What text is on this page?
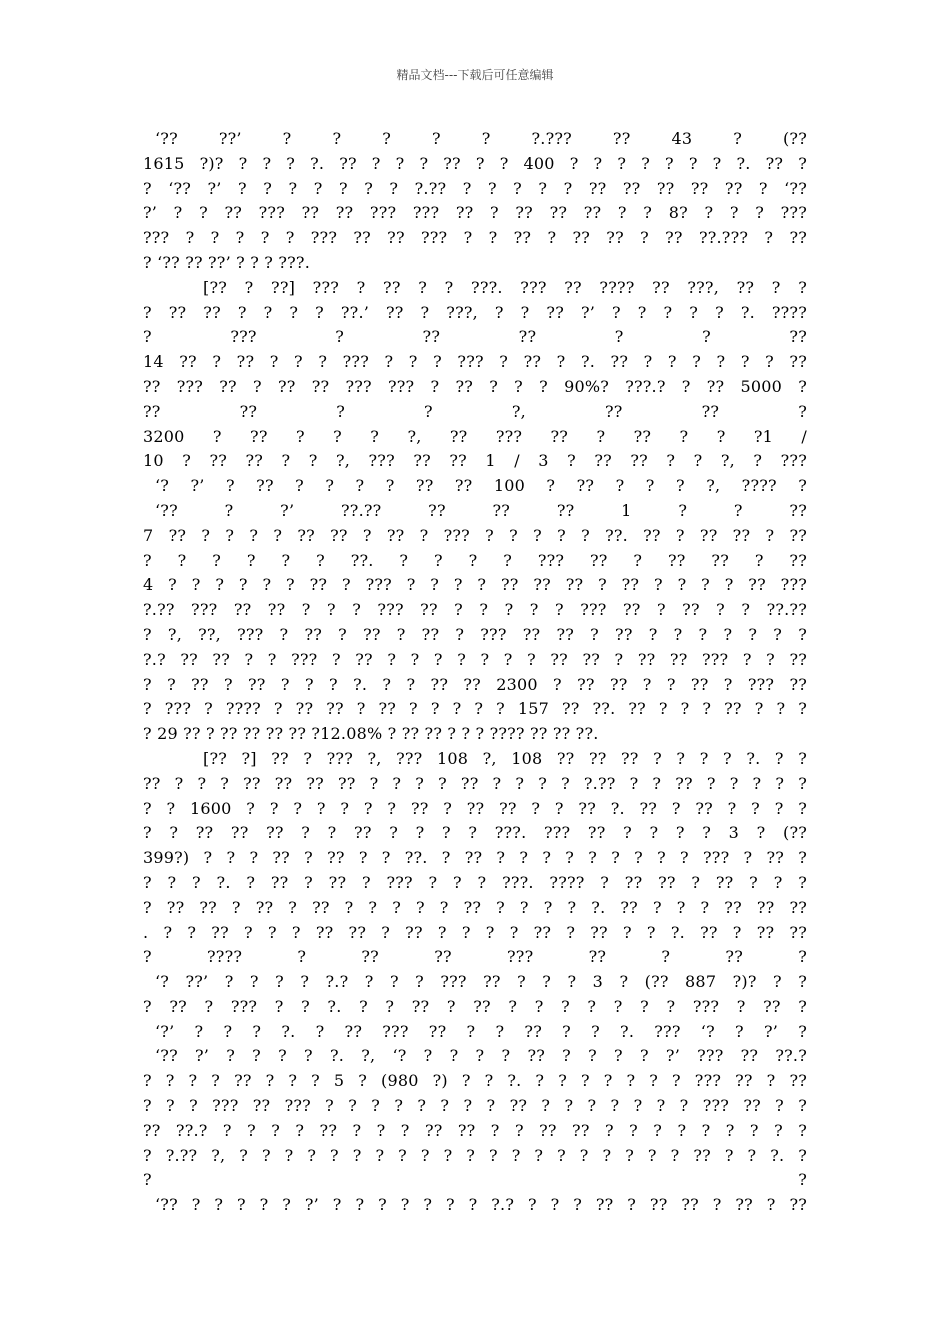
精品文档---下载后可任意编辑
‘?? ??’ ? ? ? ? ? ?.??? ?? 43 ? (??
1615 ?)? ? ? ? ?. ?? ? ? ? ?? ? ? 400 ? ? ? ? ? ? ? ?. ?? ?
? ‘?? ?’ ? ? ? ? ? ? ? ?.?? ? ? ? ? ? ?? ?? ?? ?? ?? ? ‘??
?’ ? ? ?? ??? ?? ?? ??? ??? ?? ? ?? ?? ?? ? ? 8? ? ? ? ???
??? ? ? ? ? ? ??? ?? ?? ??? ? ? ?? ? ?? ?? ? ?? ??.??? ? ??
? ‘?? ?? ??’ ? ? ? ???.
[?? ? ??] ??? ? ?? ? ? ???. ??? ?? ???? ?? ???, ?? ? ?
? ?? ?? ? ? ? ? ??.’ ?? ? ???, ? ? ?? ?’ ? ? ? ? ? ?. ????
? ??? ? ?? ?? ? ? ??
14 ?? ? ?? ? ? ? ??? ? ? ? ??? ? ?? ? ?. ?? ? ? ? ? ? ? ??
?? ??? ?? ? ?? ?? ??? ??? ? ?? ? ? ? 90%? ???.? ? ?? 5000 ?
?? ?? ? ? ?, ?? ?? ?
3200 ? ?? ? ? ? ?, ?? ??? ?? ? ?? ? ? ?1 /
10 ? ?? ?? ? ? ?, ??? ?? ?? 1 / 3 ? ?? ?? ? ? ?, ? ???
‘? ?’ ? ?? ? ? ? ? ?? ?? 100 ? ?? ? ? ? ?, ???? ?
‘?? ? ?’ ??.?? ?? ?? ?? 1 ? ? ??
7 ?? ? ? ? ? ?? ?? ? ?? ? ??? ? ? ? ? ? ??. ?? ? ?? ?? ? ??
? ? ? ? ? ? ??. ? ? ? ? ??? ?? ? ?? ?? ? ??
4 ? ? ? ? ? ? ?? ? ??? ? ? ? ? ?? ?? ?? ? ?? ? ? ? ? ?? ???
?.?? ??? ?? ?? ? ? ? ??? ?? ? ? ? ? ? ??? ?? ? ?? ? ? ??.??
? ?, ??, ??? ? ?? ? ?? ? ?? ? ??? ?? ?? ? ?? ? ? ? ? ? ? ?
?.? ?? ?? ? ? ??? ? ?? ? ? ? ? ? ? ? ?? ?? ? ?? ?? ??? ? ? ??
? ? ?? ? ?? ? ? ? ?. ? ? ?? ?? 2300 ? ?? ?? ? ? ?? ? ??? ??
? ??? ? ???? ? ?? ?? ? ?? ? ? ? ? ? 157 ?? ??. ?? ? ? ? ?? ? ? ?
? 29 ?? ? ?? ?? ?? ?? ?12.08% ? ?? ?? ? ? ? ???? ?? ?? ??.
[?? ?] ?? ? ??? ?, ??? 108 ?, 108 ?? ?? ?? ? ? ? ? ?. ? ?
?? ? ? ? ?? ?? ?? ?? ? ? ? ? ?? ? ? ? ? ?.?? ? ? ?? ? ? ? ? ?
? ? 1600 ? ? ? ? ? ? ? ?? ? ?? ?? ? ? ?? ?. ?? ? ?? ? ? ? ?
? ? ?? ?? ?? ? ? ?? ? ? ? ? ???. ??? ?? ? ? ? ? 3 ? (??
399?) ? ? ? ?? ? ?? ? ? ??. ? ?? ? ? ? ? ? ? ? ? ? ??? ? ?? ?
? ? ? ?. ? ?? ? ?? ? ??? ? ? ? ???. ???? ? ?? ?? ? ?? ? ? ?
? ?? ?? ? ?? ? ?? ? ? ? ? ? ?? ? ? ? ? ?. ?? ? ? ? ?? ?? ??
. ? ? ?? ? ? ? ?? ?? ? ?? ? ? ? ? ?? ? ?? ? ? ?. ?? ? ?? ??
? ???? ? ?? ?? ??? ?? ? ?? ?
‘? ??’ ? ? ? ? ?.? ? ? ? ??? ?? ? ? ? 3 ? (?? 887 ?)? ? ?
? ?? ? ??? ? ? ?. ? ? ?? ? ?? ? ? ? ? ? ? ? ??? ? ?? ?
‘?’ ? ? ? ?. ? ?? ??? ?? ? ? ?? ? ? ?. ??? ‘? ? ?’ ?
‘?? ?’ ? ? ? ? ?. ?, ‘? ? ? ? ? ?? ? ? ? ? ?’ ??? ?? ??.?
? ? ? ? ?? ? ? ? 5 ? (980 ?) ? ? ?. ? ? ? ? ? ? ? ??? ?? ? ??
? ? ? ??? ?? ??? ? ? ? ? ? ? ? ? ?? ? ? ? ? ? ? ? ??? ?? ? ?
?? ??.? ? ? ? ? ?? ? ? ? ?? ?? ? ? ?? ?? ? ? ? ? ? ? ? ? ?
? ?.?? ?, ? ? ? ? ? ? ? ? ? ? ? ? ? ? ? ? ? ? ? ? ?? ? ? ?. ?
? ?
‘?? ? ? ? ? ? ?’ ? ? ? ? ? ? ? ?.? ? ? ? ?? ? ?? ?? ? ?? ? ??
